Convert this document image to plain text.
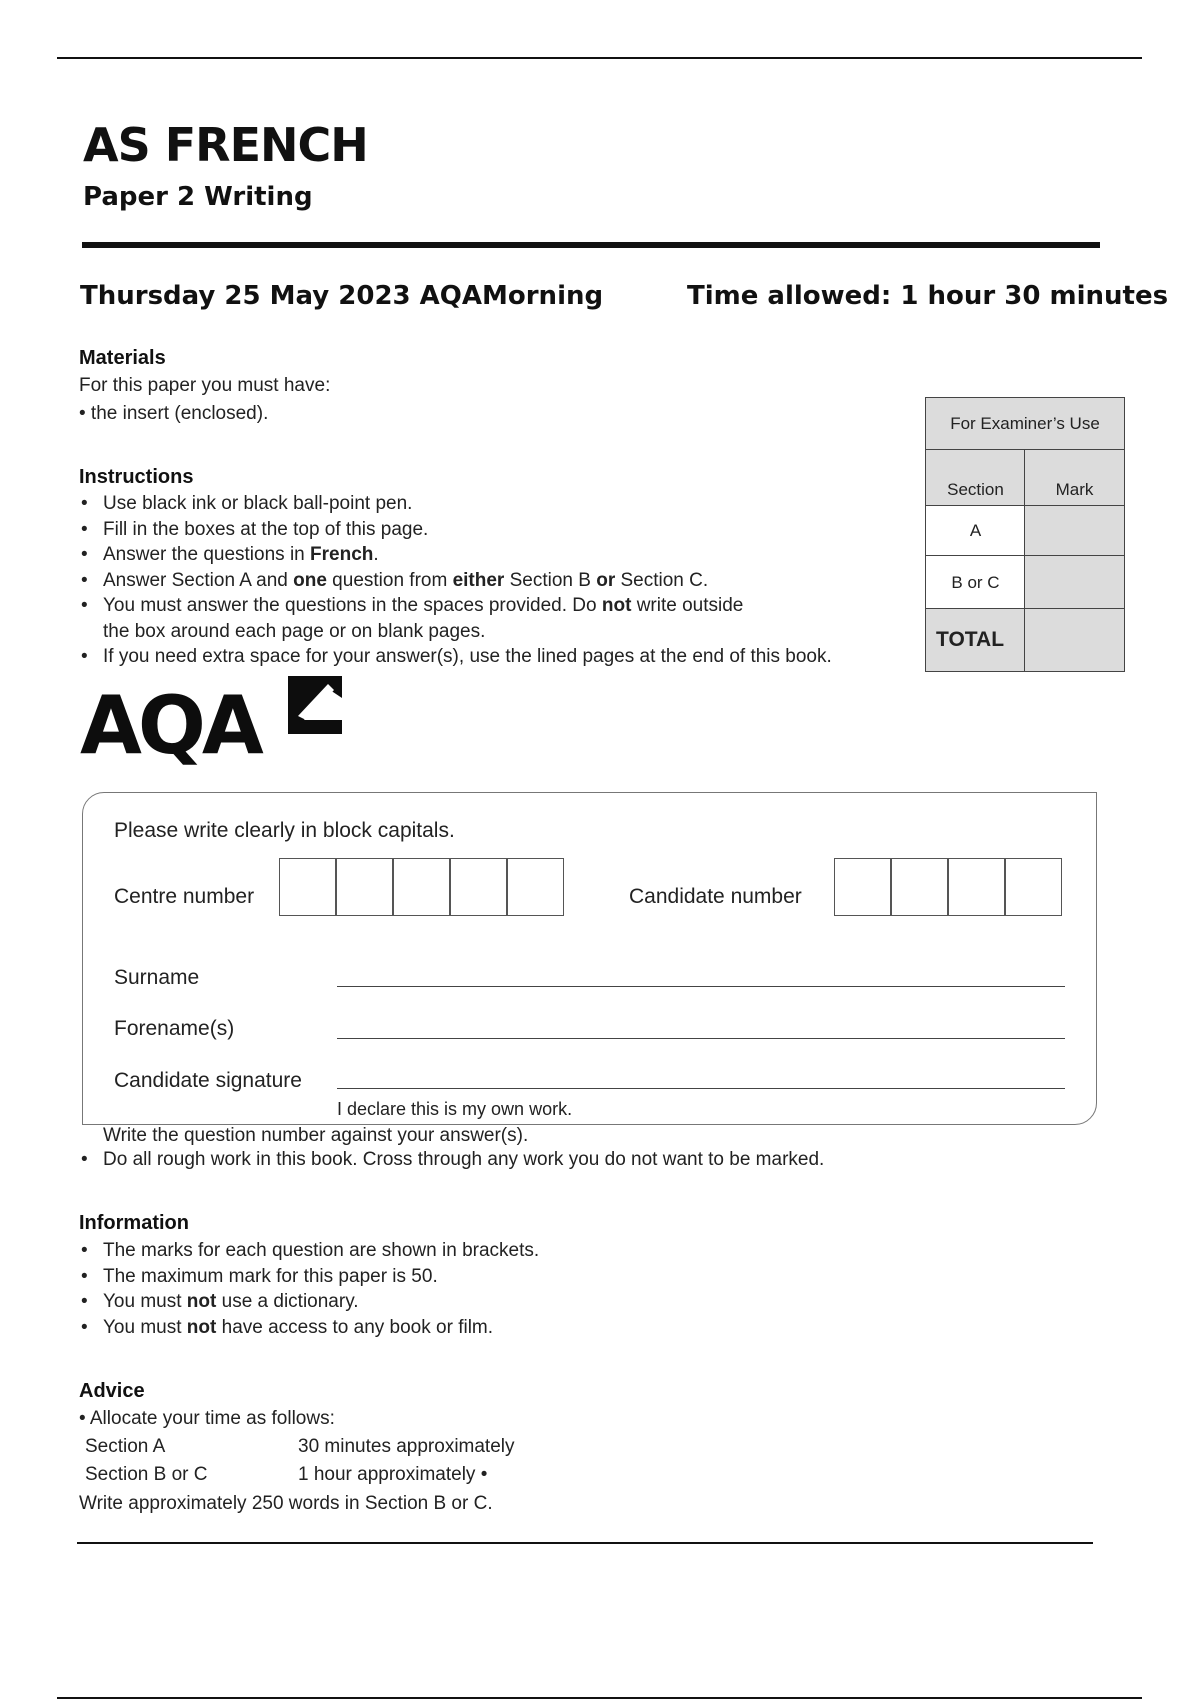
AS FRENCH
Paper 2 Writing
Thursday 25 May 2023 AQA Morning	Time allowed: 1 hour 30 minutes
Materials
For this paper you must have:
• the insert (enclosed).
Instructions
• Use black ink or black ball-point pen.
• Fill in the boxes at the top of this page.
• Answer the questions in French.
• Answer Section A and one question from either Section B or Section C.
• You must answer the questions in the spaces provided. Do not write outside
the box around each page or on blank pages.
• If you need extra space for your answer(s), use the lined pages at the end of this book.
For Examiner’s Use
Section	Mark
A
B or C
TOTAL
AQA
Please write clearly in block capitals.
Centre number	Candidate number
Surname
Forename(s)
Candidate signature
I declare this is my own work.
Write the question number against your answer(s).
• Do all rough work in this book. Cross through any work you do not want to be marked.
Information
• The marks for each question are shown in brackets.
• The maximum mark for this paper is 50.
• You must not use a dictionary.
• You must not have access to any book or film.
Advice
• Allocate your time as follows:
Section A	30 minutes approximately
Section B or C	1 hour approximately •
Write approximately 250 words in Section B or C.
